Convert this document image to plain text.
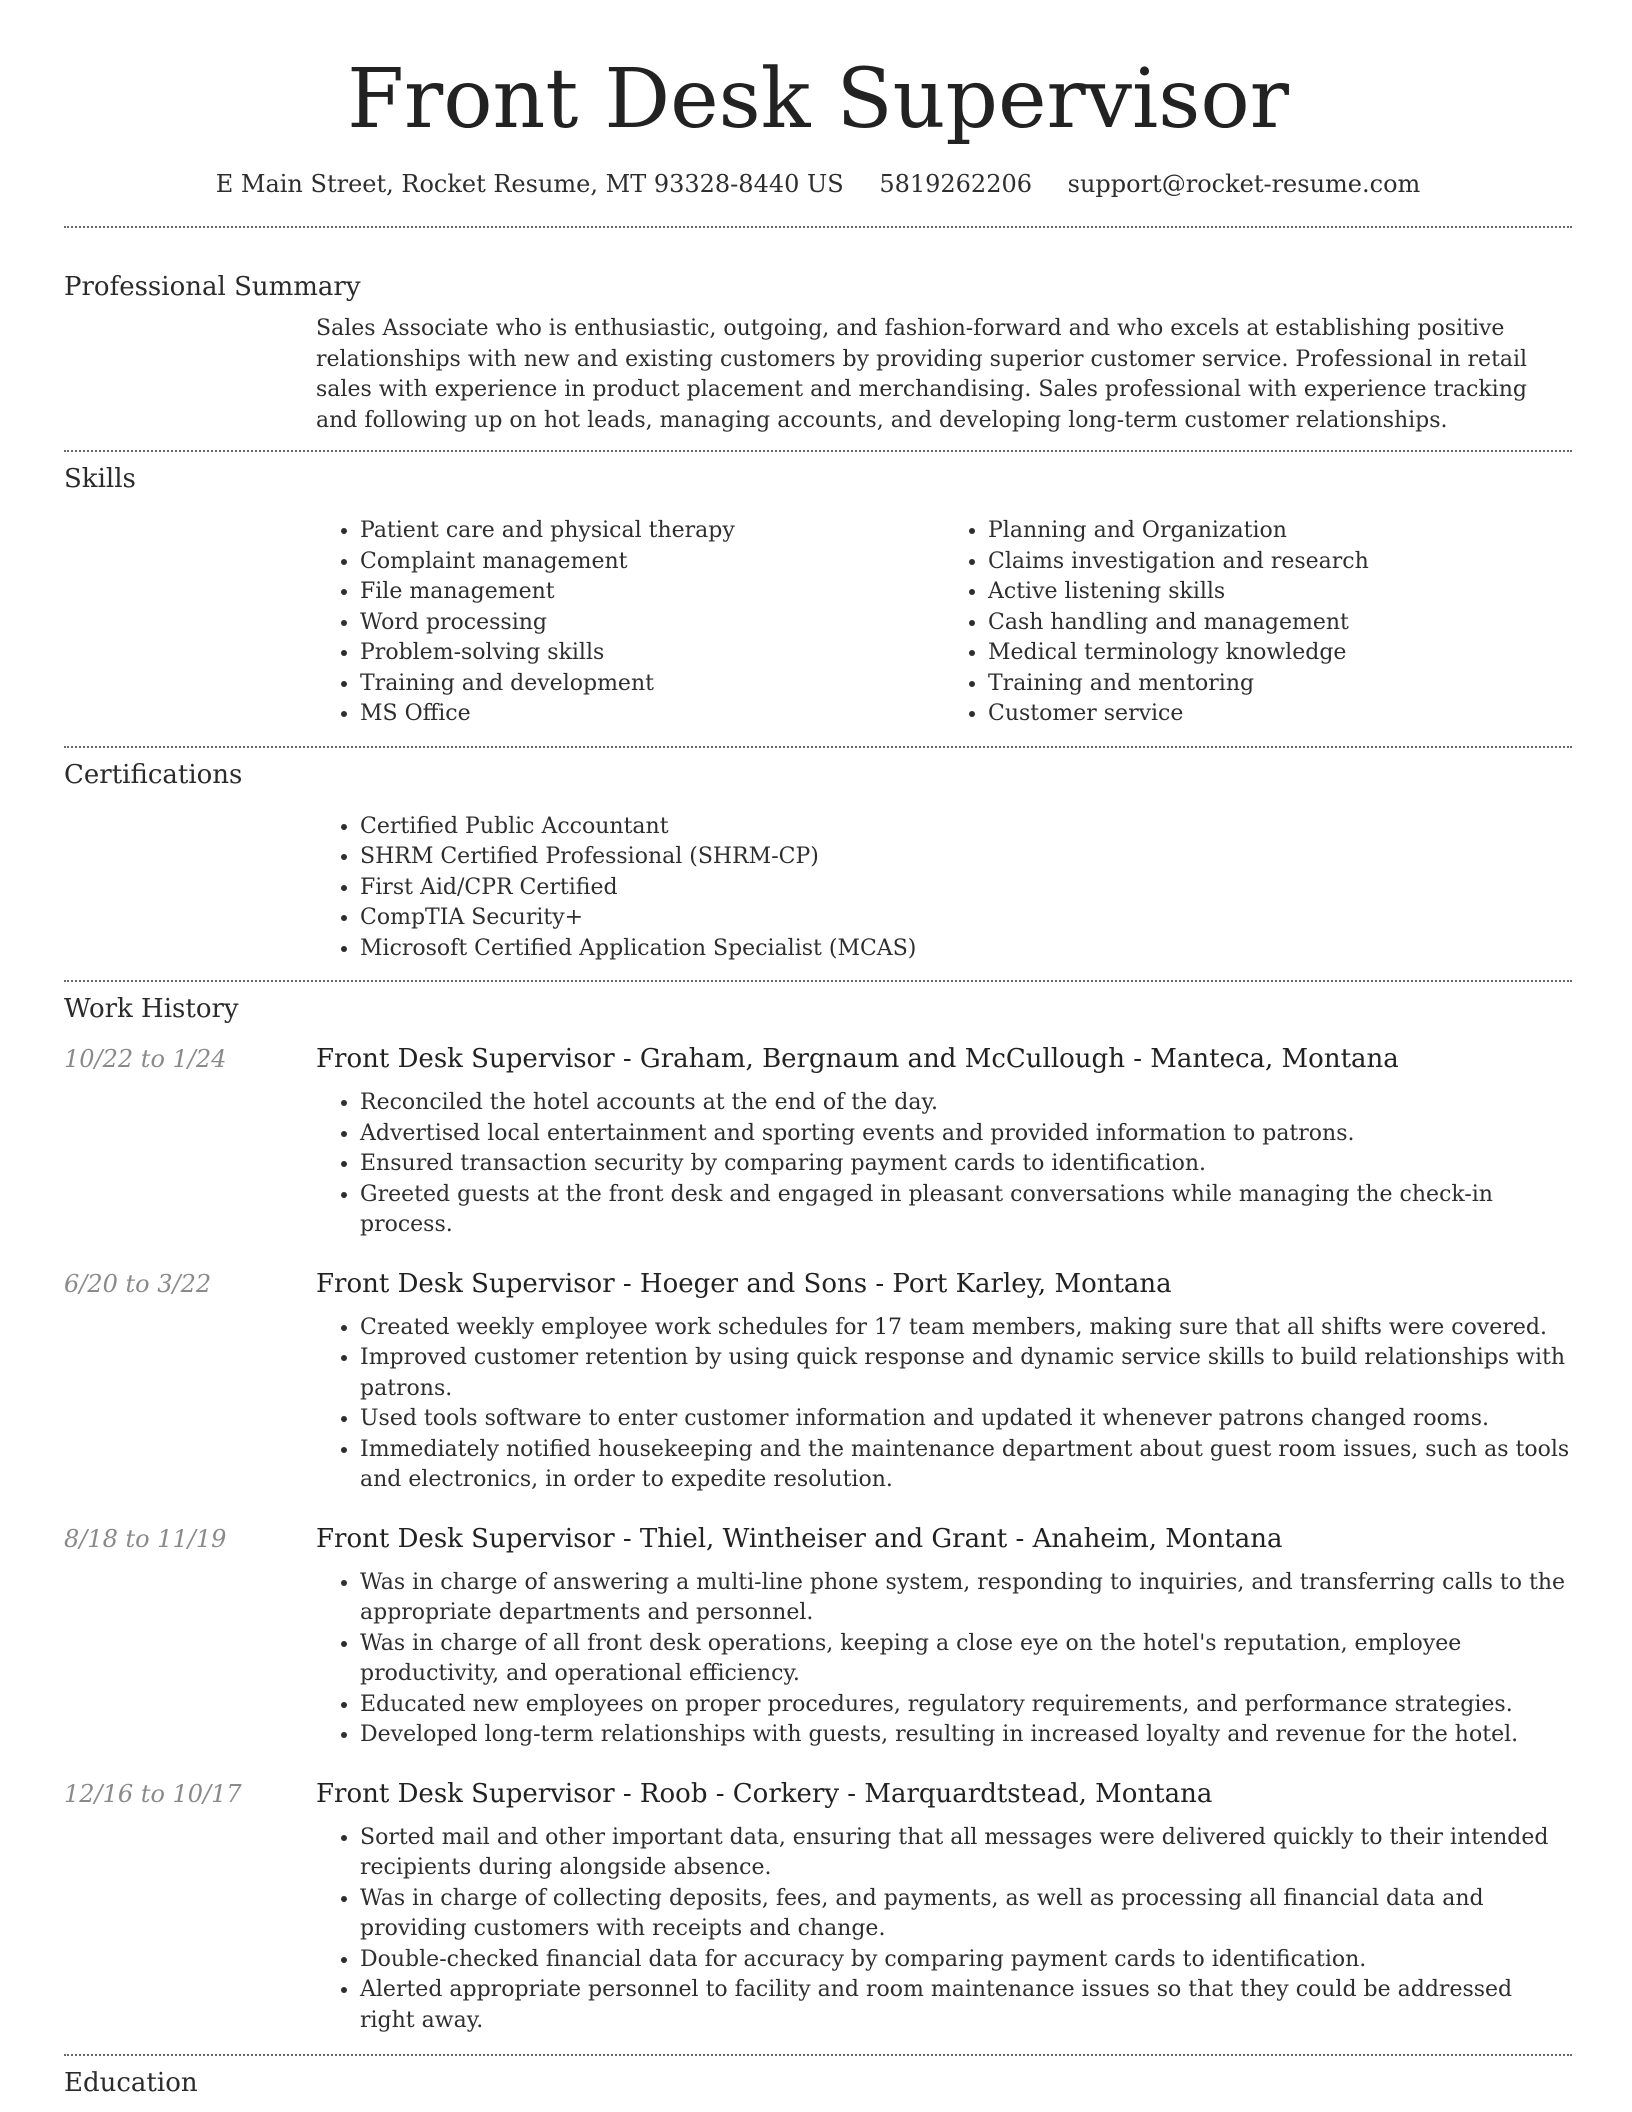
Front Desk Supervisor
E Main Street, Rocket Resume, MT 93328-8440 US 5819262206 support@rocket-resume.com
Professional Summary
Sales Associate who is enthusiastic, outgoing, and fashion-forward and who excels at establishing positive relationships with new and existing customers by providing superior customer service. Professional in retail sales with experience in product placement and merchandising. Sales professional with experience tracking and following up on hot leads, managing accounts, and developing long-term customer relationships.
Skills
• Patient care and physical therapy
• Complaint management
• File management
• Word processing
• Problem-solving skills
• Training and development
• MS Office
• Planning and Organization
• Claims investigation and research
• Active listening skills
• Cash handling and management
• Medical terminology knowledge
• Training and mentoring
• Customer service
Certifications
• Certified Public Accountant
• SHRM Certified Professional (SHRM-CP)
• First Aid/CPR Certified
• CompTIA Security+
• Microsoft Certified Application Specialist (MCAS)
Work History
10/22 to 1/24	Front Desk Supervisor - Graham, Bergnaum and McCullough - Manteca, Montana
• Reconciled the hotel accounts at the end of the day.
• Advertised local entertainment and sporting events and provided information to patrons.
• Ensured transaction security by comparing payment cards to identification.
• Greeted guests at the front desk and engaged in pleasant conversations while managing the check-in process.
6/20 to 3/22	Front Desk Supervisor - Hoeger and Sons - Port Karley, Montana
• Created weekly employee work schedules for 17 team members, making sure that all shifts were covered.
• Improved customer retention by using quick response and dynamic service skills to build relationships with patrons.
• Used tools software to enter customer information and updated it whenever patrons changed rooms.
• Immediately notified housekeeping and the maintenance department about guest room issues, such as tools and electronics, in order to expedite resolution.
8/18 to 11/19	Front Desk Supervisor - Thiel, Wintheiser and Grant - Anaheim, Montana
• Was in charge of answering a multi-line phone system, responding to inquiries, and transferring calls to the appropriate departments and personnel.
• Was in charge of all front desk operations, keeping a close eye on the hotel's reputation, employee productivity, and operational efficiency.
• Educated new employees on proper procedures, regulatory requirements, and performance strategies.
• Developed long-term relationships with guests, resulting in increased loyalty and revenue for the hotel.
12/16 to 10/17	Front Desk Supervisor - Roob - Corkery - Marquardtstead, Montana
• Sorted mail and other important data, ensuring that all messages were delivered quickly to their intended recipients during alongside absence.
• Was in charge of collecting deposits, fees, and payments, as well as processing all financial data and providing customers with receipts and change.
• Double-checked financial data for accuracy by comparing payment cards to identification.
• Alerted appropriate personnel to facility and room maintenance issues so that they could be addressed right away.
Education
